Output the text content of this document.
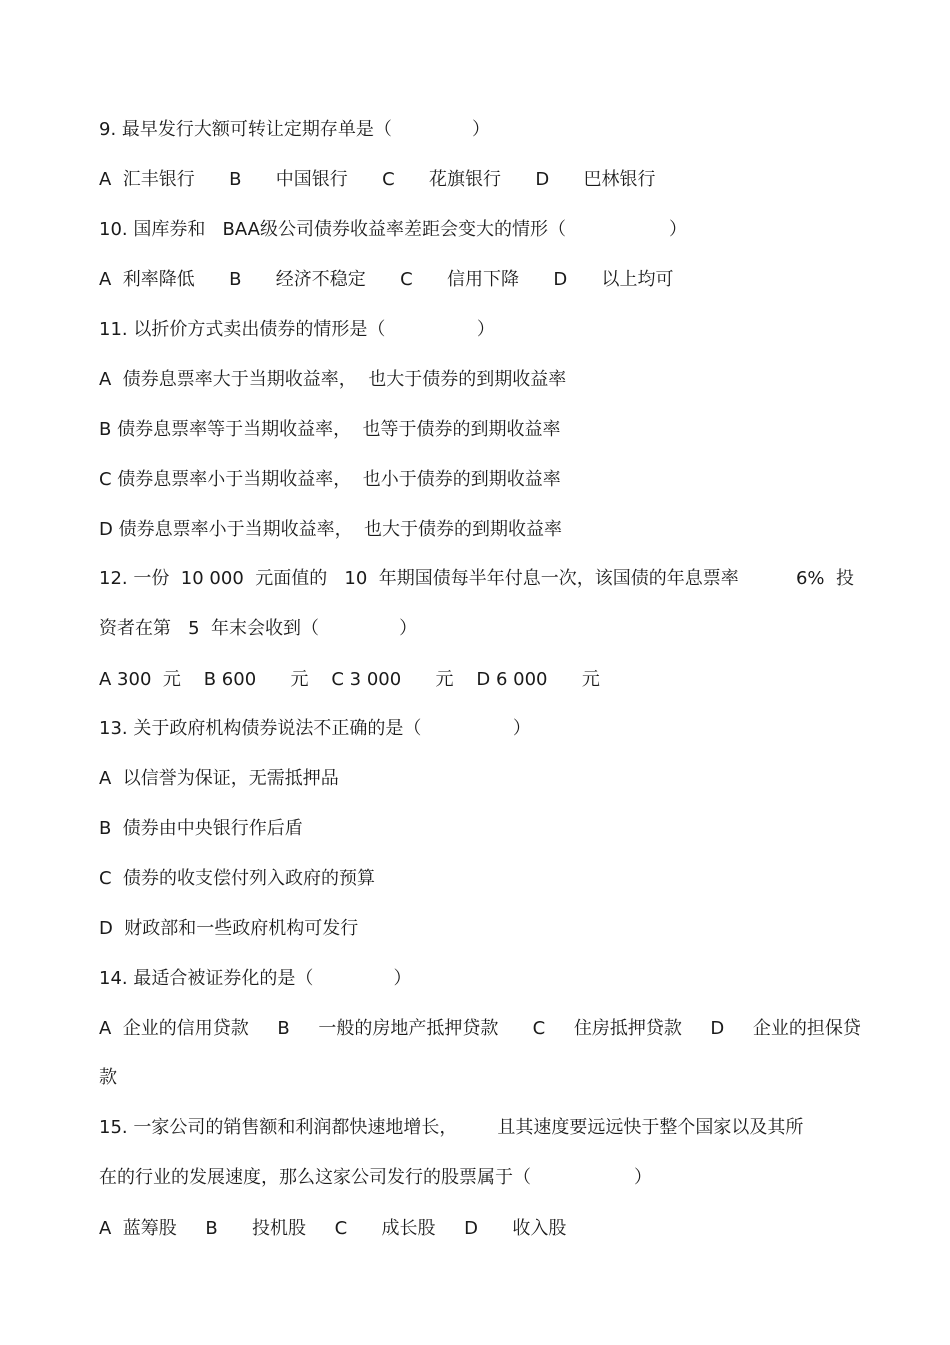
9. 最早发行大额可转让定期存单是（              ）
A  汇丰银行      B      中国银行      C      花旗银行      D      巴林银行
10. 国库券和   BAA级公司债券收益率差距会变大的情形（                  ）
A  利率降低      B      经济不稳定      C      信用下降      D      以上均可
11. 以折价方式卖出债券的情形是（                ）
A  债券息票率大于当期收益率，  也大于债券的到期收益率
B 债券息票率等于当期收益率，  也等于债券的到期收益率
C 债券息票率小于当期收益率，  也小于债券的到期收益率
D 债券息票率小于当期收益率，  也大于债券的到期收益率
12. 一份  10 000  元面值的   10  年期国债每半年付息一次，该国债的年息票率          6%  投
资者在第   5  年末会收到（              ）
A 300  元    B 600      元    C 3 000      元    D 6 000      元
13. 关于政府机构债券说法不正确的是（                ）
A  以信誉为保证，无需抵押品
B  债券由中央银行作后盾
C  债券的收支偿付列入政府的预算
D  财政部和一些政府机构可发行
14. 最适合被证券化的是（              ）
A  企业的信用贷款     B     一般的房地产抵押贷款      C     住房抵押贷款     D     企业的担保贷
款
15. 一家公司的销售额和利润都快速地增长，       且其速度要远远快于整个国家以及其所
在的行业的发展速度，那么这家公司发行的股票属于（                  ）
A  蓝筹股     B      投机股     C      成长股     D      收入股
